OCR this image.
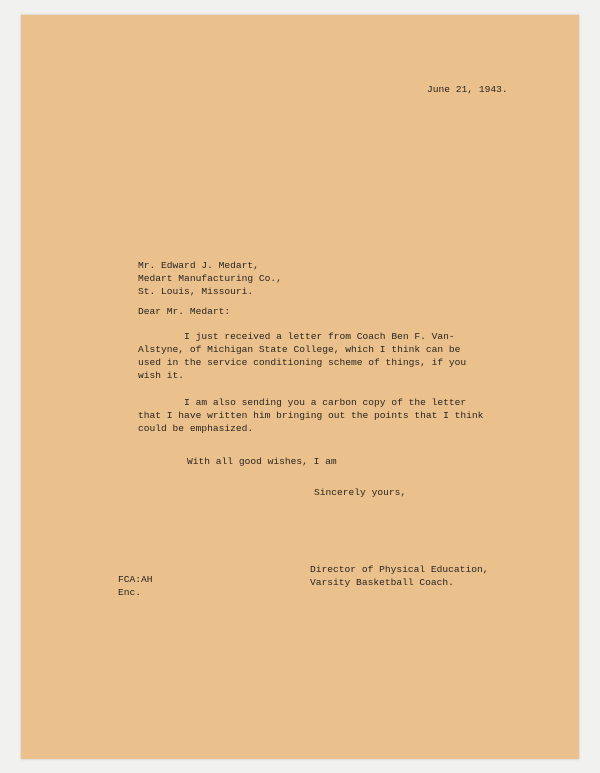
June 21, 1943.
Mr. Edward J. Medart,
Medart Manufacturing Co.,
St. Louis, Missouri.
Dear Mr. Medart:
I just received a letter from Coach Ben F. Van-
Alstyne, of Michigan State College, which I think can be
used in the service conditioning scheme of things, if you
wish it.
I am also sending you a carbon copy of the letter
that I have written him bringing out the points that I think
could be emphasized.
With all good wishes, I am
Sincerely yours,
Director of Physical Education,
Varsity Basketball Coach.
FCA:AH
Enc.
